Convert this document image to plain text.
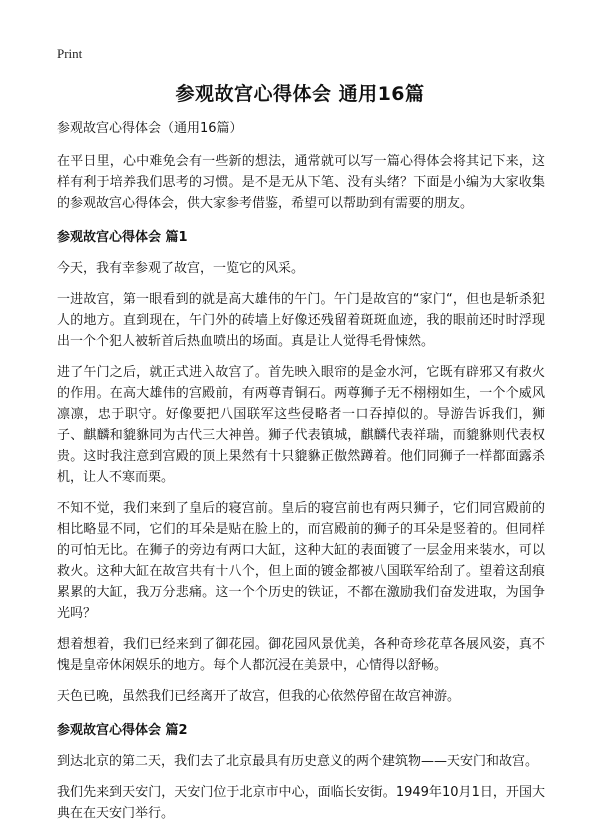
Print
参观故宫心得体会 通用16篇

参观故宫心得体会（通用16篇）

在平日里，心中难免会有一些新的想法，通常就可以写一篇心得体会将其记下来，这样有利于培养我们思考的习惯。是不是无从下笔、没有头绪？下面是小编为大家收集的参观故宫心得体会，供大家参考借鉴，希望可以帮助到有需要的朋友。

参观故宫心得体会 篇1

今天，我有幸参观了故宫，一览它的风采。

一进故宫，第一眼看到的就是高大雄伟的午门。午门是故宫的“家门“，但也是斩杀犯人的地方。直到现在，午门外的砖墙上好像还残留着斑斑血迹，我的眼前还时时浮现出一个个犯人被斩首后热血喷出的场面。真是让人觉得毛骨悚然。

进了午门之后，就正式进入故宫了。首先映入眼帘的是金水河，它既有辟邪又有救火的作用。在高大雄伟的宫殿前，有两尊青铜石。两尊狮子无不栩栩如生，一个个威风凛凛，忠于职守。好像要把八国联军这些侵略者一口吞掉似的。导游告诉我们，狮子、麒麟和貔貅同为古代三大神兽。狮子代表镇城，麒麟代表祥瑞，而貔貅则代表权贵。这时我注意到宫殿的顶上果然有十只貔貅正傲然蹲着。他们同狮子一样都面露杀机，让人不寒而栗。

不知不觉，我们来到了皇后的寝宫前。皇后的寝宫前也有两只狮子，它们同宫殿前的相比略显不同，它们的耳朵是贴在脸上的，而宫殿前的狮子的耳朵是竖着的。但同样的可怕无比。在狮子的旁边有两口大缸，这种大缸的表面镀了一层金用来装水，可以救火。这种大缸在故宫共有十八个，但上面的镀金都被八国联军给刮了。望着这刮痕累累的大缸，我万分悲痛。这一个个历史的铁证，不都在激励我们奋发进取，为国争光吗？

想着想着，我们已经来到了御花园。御花园风景优美，各种奇珍花草各展风姿，真不愧是皇帝休闲娱乐的地方。每个人都沉浸在美景中，心情得以舒畅。

天色已晚，虽然我们已经离开了故宫，但我的心依然停留在故宫神游。

参观故宫心得体会 篇2

到达北京的第二天，我们去了北京最具有历史意义的两个建筑物——天安门和故宫。

我们先来到天安门，天安门位于北京市中心，面临长安街。1949年10月1日，开国大典在在天安门举行。
